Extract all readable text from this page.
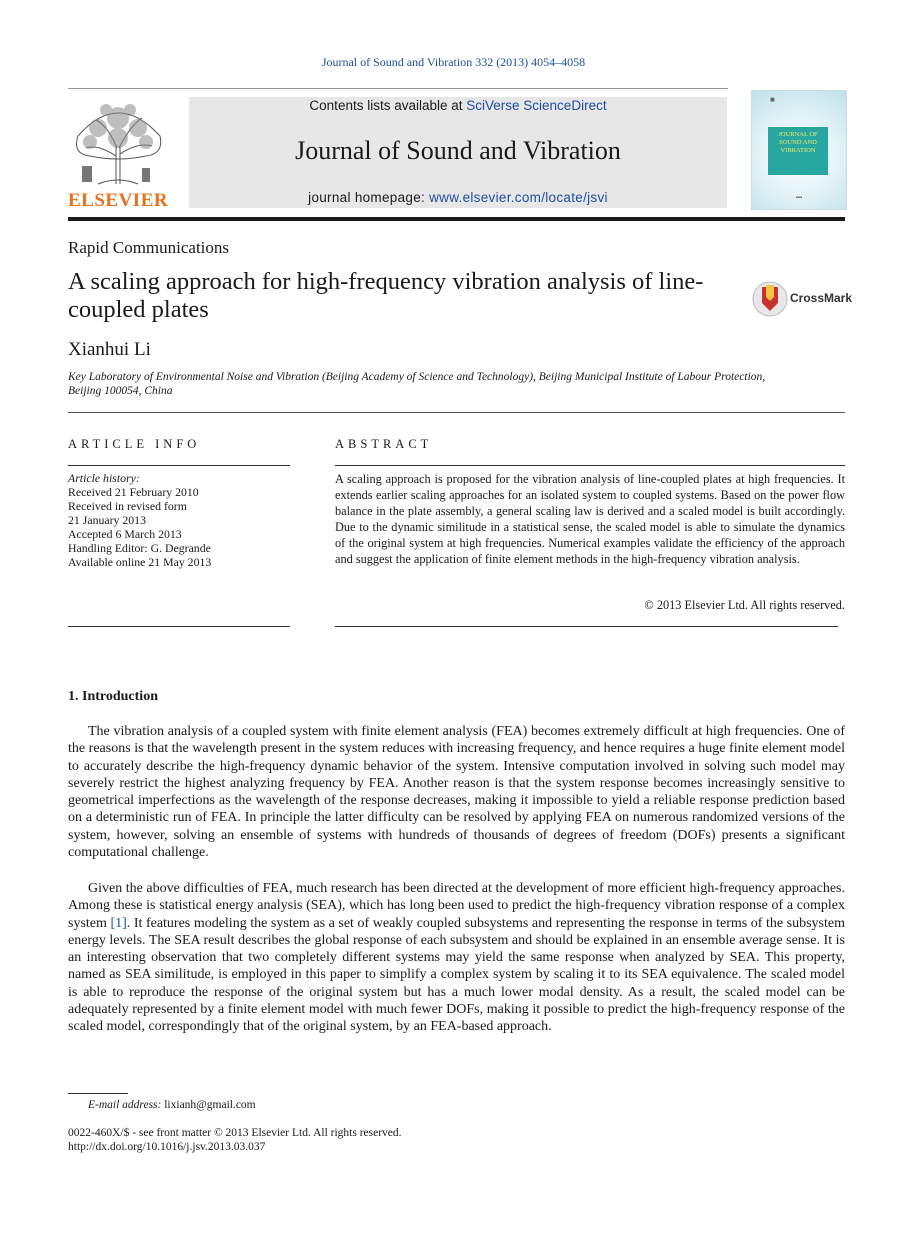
Journal of Sound and Vibration 332 (2013) 4054–4058
ELSEVIER
Contents lists available at SciVerse ScienceDirect
Journal of Sound and Vibration
journal homepage: www.elsevier.com/locate/jsvi
■
JOURNAL OF SOUND AND VIBRATION
▪▪▪
Rapid Communications
A scaling approach for high-frequency vibration analysis of line-coupled plates	CrossMark
Xianhui Li
Key Laboratory of Environmental Noise and Vibration (Beijing Academy of Science and Technology), Beijing Municipal Institute of Labour Protection, Beijing 100054, China
ARTICLE INFO
Article history:
Received 21 February 2010
Received in revised form
21 January 2013
Accepted 6 March 2013
Handling Editor: G. Degrande
Available online 21 May 2013
ABSTRACT
A scaling approach is proposed for the vibration analysis of line-coupled plates at high frequencies. It extends earlier scaling approaches for an isolated system to coupled systems. Based on the power flow balance in the plate assembly, a general scaling law is derived and a scaled model is built accordingly. Due to the dynamic similitude in a statistical sense, the scaled model is able to simulate the dynamics of the original system at high frequencies. Numerical examples validate the efficiency of the approach and suggest the application of finite element methods in the high-frequency vibration analysis.
© 2013 Elsevier Ltd. All rights reserved.
1. Introduction
The vibration analysis of a coupled system with finite element analysis (FEA) becomes extremely difficult at high frequencies. One of the reasons is that the wavelength present in the system reduces with increasing frequency, and hence requires a huge finite element model to accurately describe the high-frequency dynamic behavior of the system. Intensive computation involved in solving such model may severely restrict the highest analyzing frequency by FEA. Another reason is that the system response becomes increasingly sensitive to geometrical imperfections as the wavelength of the response decreases, making it impossible to yield a reliable response prediction based on a deterministic run of FEA. In principle the latter difficulty can be resolved by applying FEA on numerous randomized versions of the system, however, solving an ensemble of systems with hundreds of thousands of degrees of freedom (DOFs) presents a significant computational challenge.
Given the above difficulties of FEA, much research has been directed at the development of more efficient high-frequency approaches. Among these is statistical energy analysis (SEA), which has long been used to predict the high-frequency vibration response of a complex system [1]. It features modeling the system as a set of weakly coupled subsystems and representing the response in terms of the subsystem energy levels. The SEA result describes the global response of each subsystem and should be explained in an ensemble average sense. It is an interesting observation that two completely different systems may yield the same response when analyzed by SEA. This property, named as SEA similitude, is employed in this paper to simplify a complex system by scaling it to its SEA equivalence. The scaled model is able to reproduce the response of the original system but has a much lower modal density. As a result, the scaled model can be adequately represented by a finite element model with much fewer DOFs, making it possible to predict the high-frequency response of the scaled model, correspondingly that of the original system, by an FEA-based approach.
E-mail address: lixianh@gmail.com
0022-460X/$ - see front matter © 2013 Elsevier Ltd. All rights reserved.
http://dx.doi.org/10.1016/j.jsv.2013.03.037
